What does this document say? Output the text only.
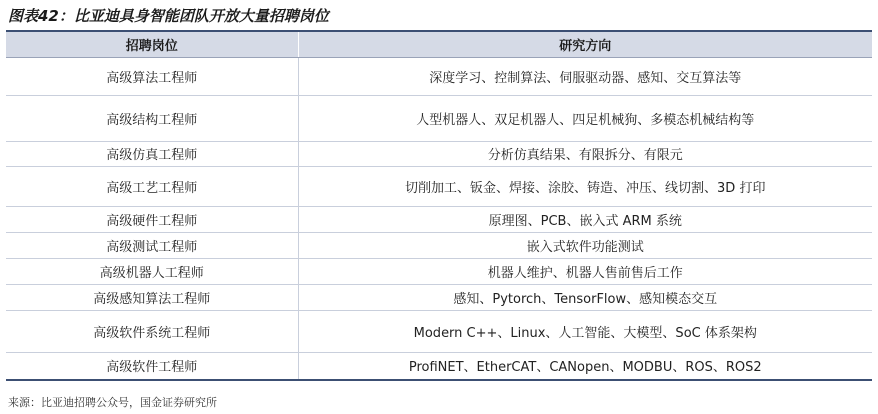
图表42：比亚迪具身智能团队开放大量招聘岗位
招聘岗位	研究方向
高级算法工程师	深度学习、控制算法、伺服驱动器、感知、交互算法等
高级结构工程师	人型机器人、双足机器人、四足机械狗、多模态机械结构等
高级仿真工程师	分析仿真结果、有限拆分、有限元
高级工艺工程师	切削加工、钣金、焊接、涂胶、铸造、冲压、线切割、3D 打印
高级硬件工程师	原理图、PCB、嵌入式 ARM 系统
高级测试工程师	嵌入式软件功能测试
高级机器人工程师	机器人维护、机器人售前售后工作
高级感知算法工程师	感知、Pytorch、TensorFlow、感知模态交互
高级软件系统工程师	Modern C++、Linux、人工智能、大模型、SoC 体系架构
高级软件工程师	ProfiNET、EtherCAT、CANopen、MODBU、ROS、ROS2
来源：比亚迪招聘公众号，国金证券研究所
